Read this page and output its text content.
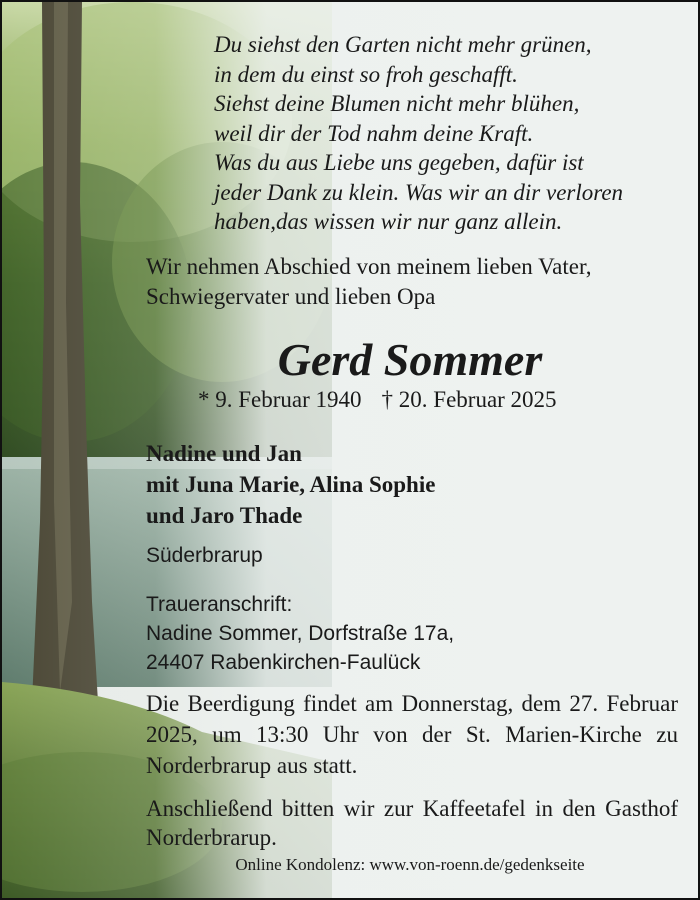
Du siehst den Garten nicht mehr grünen,
in dem du einst so froh geschafft.
Siehst deine Blumen nicht mehr blühen,
weil dir der Tod nahm deine Kraft.
Was du aus Liebe uns gegeben, dafür ist
jeder Dank zu klein. Was wir an dir verloren
haben,das wissen wir nur ganz allein.
Wir nehmen Abschied von meinem lieben Vater,
Schwiegervater und lieben Opa
Gerd Sommer
* 9. Februar 1940 † 20. Februar 2025
Nadine und Jan
mit Juna Marie, Alina Sophie
und Jaro Thade
Süderbrarup
Traueranschrift:
Nadine Sommer, Dorfstraße 17a,
24407 Rabenkirchen-Faulück
Die Beerdigung findet am Donnerstag, dem 27. Februar 2025, um 13:30 Uhr von der St. Marien-Kirche zu Norderbrarup aus statt.
Anschließend bitten wir zur Kaffeetafel in den Gasthof Norderbrarup.
Online Kondolenz: www.von-roenn.de/gedenkseite
